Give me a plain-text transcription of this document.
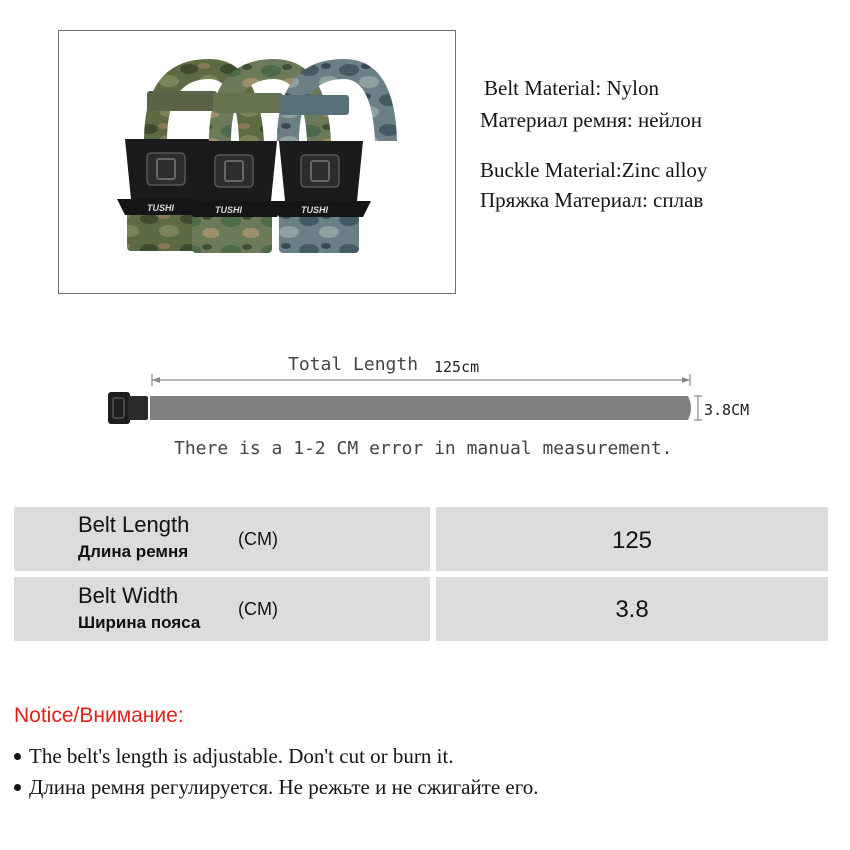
TUSHI	TUSHI	TUSHI
Belt Material: Nylon
Материал ремня: нейлон
Buckle Material:Zinc alloy
Пряжка Материал: сплав
Total Length 125cm
3.8CM
There is a 1-2 CM error in manual measurement.
Belt Length
Длина ремня
(CM)	125
Belt Width
Ширина пояса
(CM)	3.8
Notice/Внимание:
The belt's length is adjustable. Don't cut or burn it.
Длина ремня регулируется. Не режьте и не сжигайте его.
